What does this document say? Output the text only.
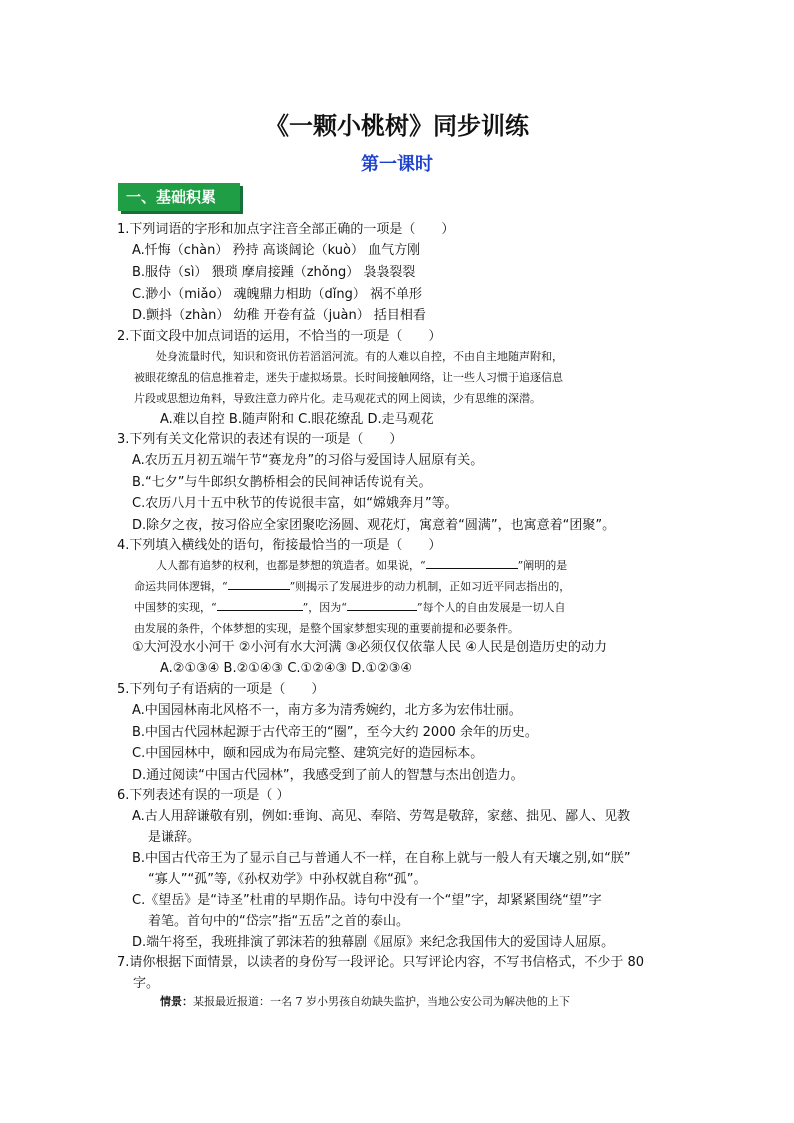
《一颗小桃树》同步训练
第一课时
一、基础积累
1.下列词语的字形和加点字注音全部正确的一项是（　　）
A.忏悔（chàn） 矜持 高谈阔论（kuò） 血气方刚
B.服侍（sì） 猥琐 摩肩接踵（zhǒng） 袅袅裂裂
C.渺小（miǎo） 魂魄鼎力相助（dǐng） 祸不单形
D.颤抖（zhàn） 幼稚 开卷有益（juàn） 括目相看
2.下面文段中加点词语的运用，不恰当的一项是（　　）
　　处身流量时代，知识和资讯仿若滔滔河流。有的人难以自控，不由自主地随声附和，
被眼花缭乱的信息推着走，迷失于虚拟场景。长时间接触网络，让一些人习惯于追逐信息
片段或思想边角料，导致注意力碎片化。走马观花式的网上阅读，少有思维的深潜。
A.难以自控 B.随声附和 C.眼花缭乱 D.走马观花
3.下列有关文化常识的表述有误的一项是（　　）
A.农历五月初五端午节“赛龙舟”的习俗与爱国诗人屈原有关。
B.“七夕”与牛郎织女鹊桥相会的民间神话传说有关。
C.农历八月十五中秋节的传说很丰富，如“嫦娥奔月”等。
D.除夕之夜，按习俗应全家团聚吃汤圆、观花灯，寓意着“圆满”，也寓意着“团聚”。
4.下列填入横线处的语句，衔接最恰当的一项是（　　）
　　人人都有追梦的权利，也都是梦想的筑造者。如果说，“	”阐明的是
命运共同体逻辑，“	”则揭示了发展进步的动力机制，正如习近平同志指出的，
中国梦的实现，“	”，因为“	”每个人的自由发展是一切人自
由发展的条件，个体梦想的实现，是整个国家梦想实现的重要前提和必要条件。
①大河没水小河干 ②小河有水大河满 ③必须仅仅依靠人民 ④人民是创造历史的动力
A.②①③④ B.②①④③ C.①②④③ D.①②③④
5.下列句子有语病的一项是（　　）
A.中国园林南北风格不一，南方多为清秀婉约，北方多为宏伟壮丽。
B.中国古代园林起源于古代帝王的“圈”，至今大约 2000 余年的历史。
C.中国园林中，颐和园成为布局完整、建筑完好的造园标本。
D.通过阅读“中国古代园林”，我感受到了前人的智慧与杰出创造力。
6.下列表述有误的一项是（ ）
A.古人用辞谦敬有别，例如:垂询、高见、奉陪、劳驾是敬辞，家慈、拙见、鄙人、见教
是谦辞。
B.中国古代帝王为了显示自己与普通人不一样，在自称上就与一般人有天壤之别,如“朕”
“寡人”“孤”等,《孙权劝学》中孙权就自称“孤”。
C.《望岳》是“诗圣”杜甫的早期作品。诗句中没有一个“望”字，却紧紧围绕“望”字
着笔。首句中的“岱宗”指“五岳”之首的泰山。
D.端午将至，我班排演了郭沫若的独幕剧《屈原》来纪念我国伟大的爱国诗人屈原。
7.请你根据下面情景，以读者的身份写一段评论。只写评论内容，不写书信格式，不少于 80
字。
情景：某报最近报道：一名 7 岁小男孩自幼缺失监护，当地公安公司为解决他的上下
